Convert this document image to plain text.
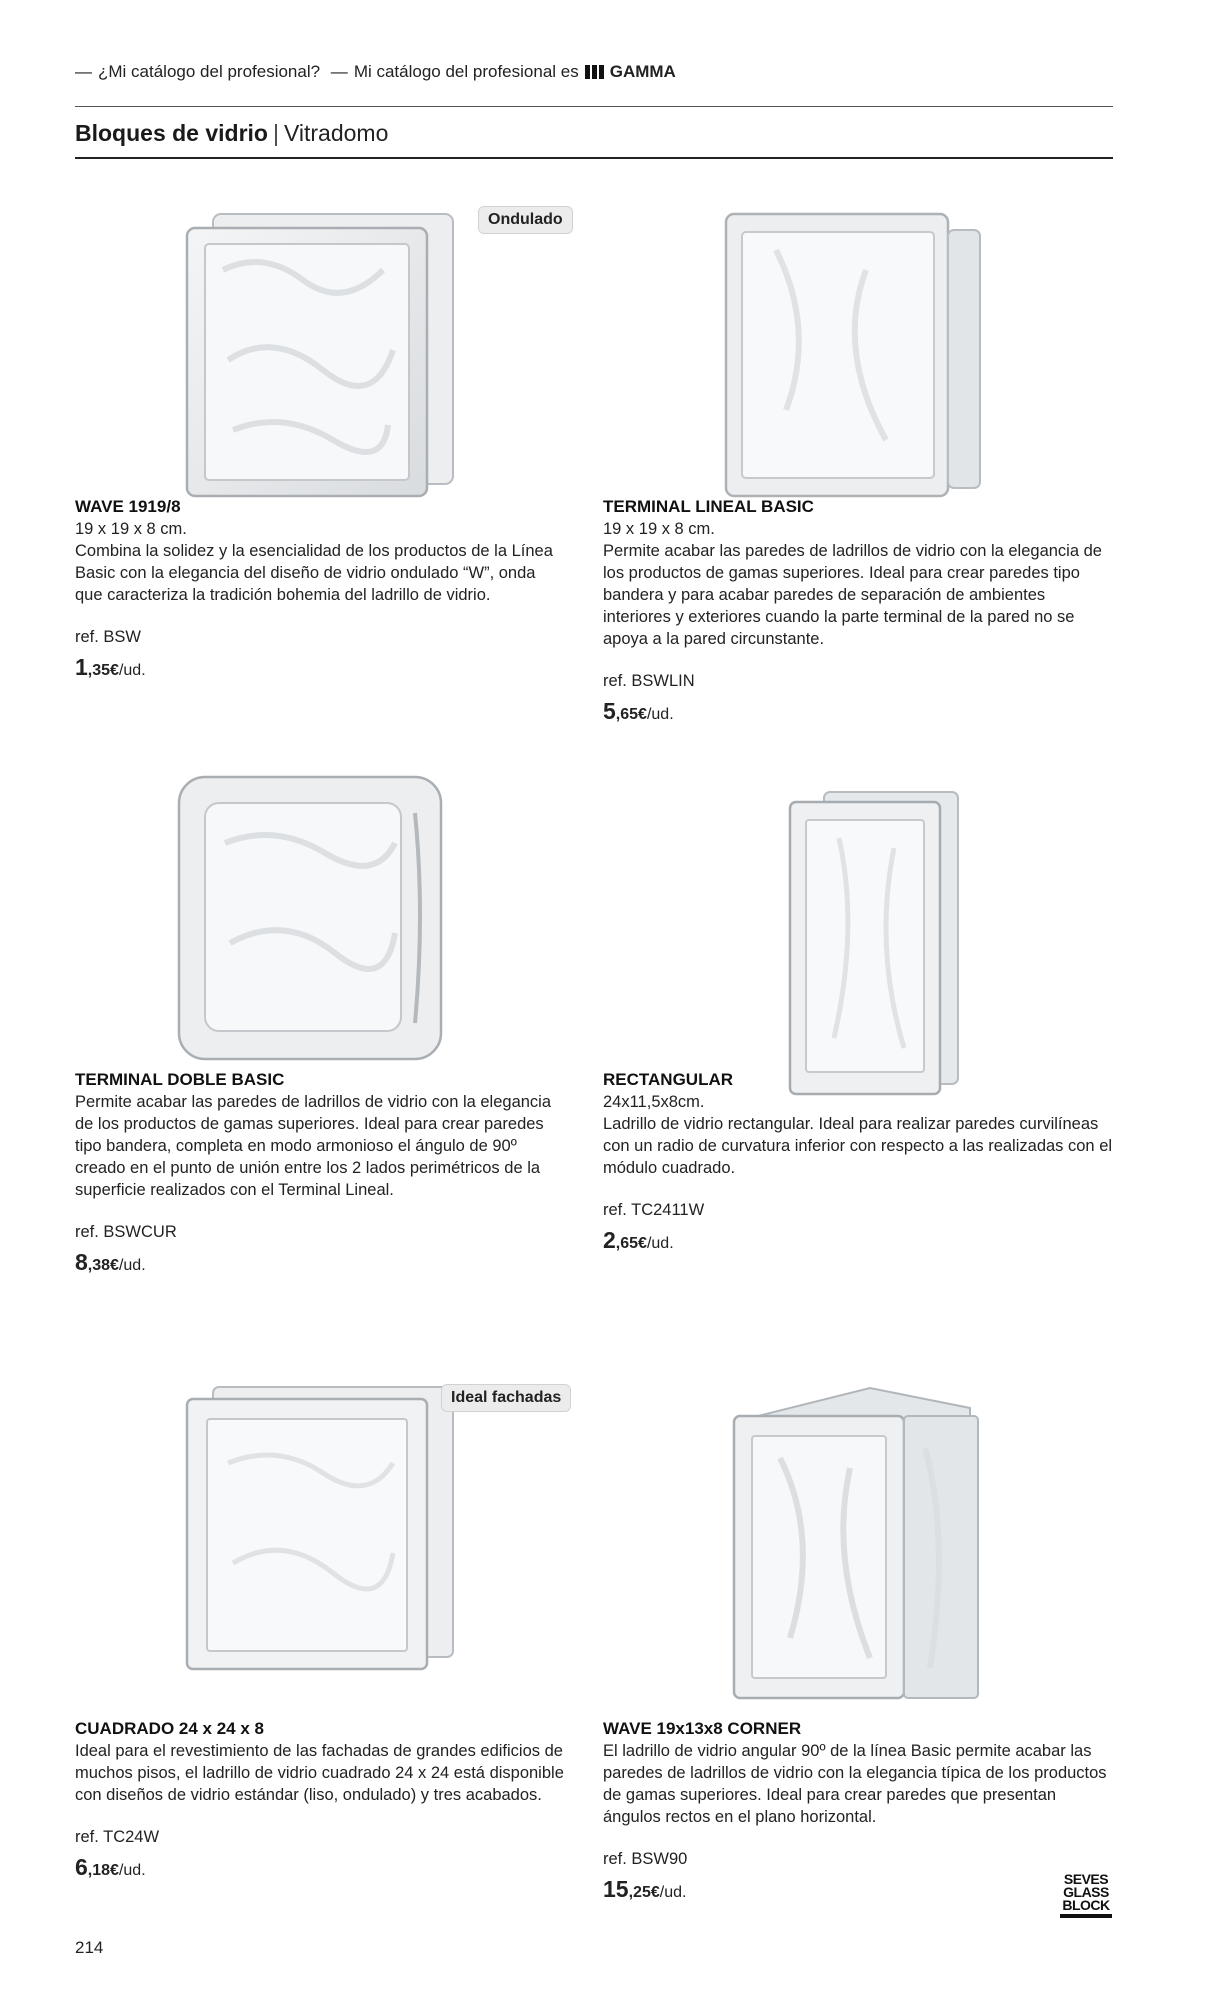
— ¿Mi catálogo del profesional? — Mi catálogo del profesional es GAMMA
Bloques de vidrio | Vitradomo
Ondulado
Ideal fachadas
WAVE 1919/8
19 x 19 x 8 cm.
Combina la solidez y la esencialidad de los productos de la Línea Basic con la elegancia del diseño de vidrio ondulado “W”, onda que caracteriza la tradición bohemia del ladrillo de vidrio.
ref. BSW
1,35€/ud.
TERMINAL LINEAL BASIC
19 x 19 x 8 cm.
Permite acabar las paredes de ladrillos de vidrio con la elegancia de los productos de gamas superiores. Ideal para crear paredes tipo bandera y para acabar paredes de separación de ambientes interiores y exteriores cuando la parte terminal de la pared no se apoya a la pared circunstante.
ref. BSWLIN
5,65€/ud.
TERMINAL DOBLE BASIC
Permite acabar las paredes de ladrillos de vidrio con la elegancia de los productos de gamas superiores. Ideal para crear paredes tipo bandera, completa en modo armonioso el ángulo de 90º creado en el punto de unión entre los 2 lados perimétricos de la superficie realizados con el Terminal Lineal.
ref. BSWCUR
8,38€/ud.
RECTANGULAR
24x11,5x8cm.
Ladrillo de vidrio rectangular. Ideal para realizar paredes curvilíneas con un radio de curvatura inferior con respecto a las realizadas con el módulo cuadrado.
ref. TC2411W
2,65€/ud.
CUADRADO 24 x 24 x 8
Ideal para el revestimiento de las fachadas de grandes edificios de muchos pisos, el ladrillo de vidrio cuadrado 24 x 24 está disponible con diseños de vidrio estándar (liso, ondulado) y tres acabados.
ref. TC24W
6,18€/ud.
WAVE 19x13x8 CORNER
El ladrillo de vidrio angular 90º de la línea Basic permite acabar las paredes de ladrillos de vidrio con la elegancia típica de los productos de gamas superiores. Ideal para crear paredes que presentan ángulos rectos en el plano horizontal.
ref. BSW90
15,25€/ud.
214
SEVES
GLASS
BLOCK
